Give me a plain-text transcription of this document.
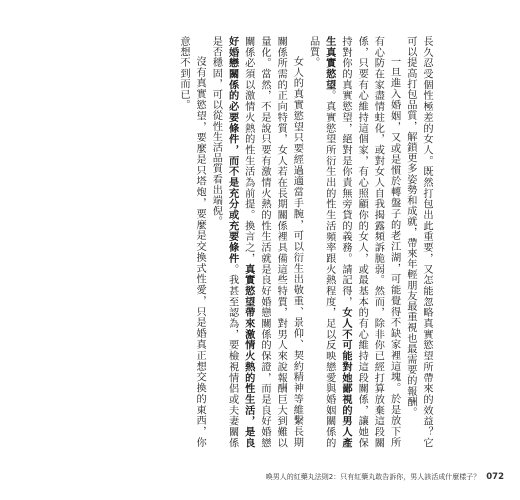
長久忍受個性極差的女人。既然打包出此重要，又怎能忽略真實慾望所帶來的效益？它可以提高打包品質，解鎖更多姿勢和成就，帶來年輕朋友最重視也最需要的報酬。

一旦進入婚姻，又或是慣於轉盤子的老江湖，可能覺得不缺家裡這塊。於是放下所有心防在家盡情蛀化，或對女人自我揭露頻訴脆弱。然而，除非你已經打算放棄這段關係，只要有心維持這個家，有心照顧你的女人，或最基本的有心維持這段關係，讓她保持對你的真實慾望，絕對是你責無旁貸的義務。請記得，女人不可能對她鄙視的男人產生真實慾望。真實慾望所衍生出的性生活頻率跟火熱程度，足以反映戀愛與婚姻關係的品質。

女人的真實慾望只要經過適當手腕，可以衍生出敬重、景仰、契約精神等維繫長期關係所需的正向特質，女人若在長期關係裡具備這些特質，對男人來說報酬巨大到難以量化。當然，不是說只要有激情火熱的性生活就是良好婚戀關係的保證，而是良好婚戀關係必須以激情火熱的性生活為前提。換言之，真實慾望帶來激情火熱的性生活，是良好婚戀關係的必要條件，而不是充分或充要條件。我甚至認為，要檢視情侶或夫妻關係是否穩固，可以從性生活品質看出端倪。

沒有真實慾望，要麼是只塔炮，要麼是交換式性愛，只是婚真正想交換的東西，你意想不到而已。

喚男人的紅藥丸法則2：只有紅藥丸敢告訴你，男人該活成什麼樣子？ 072
